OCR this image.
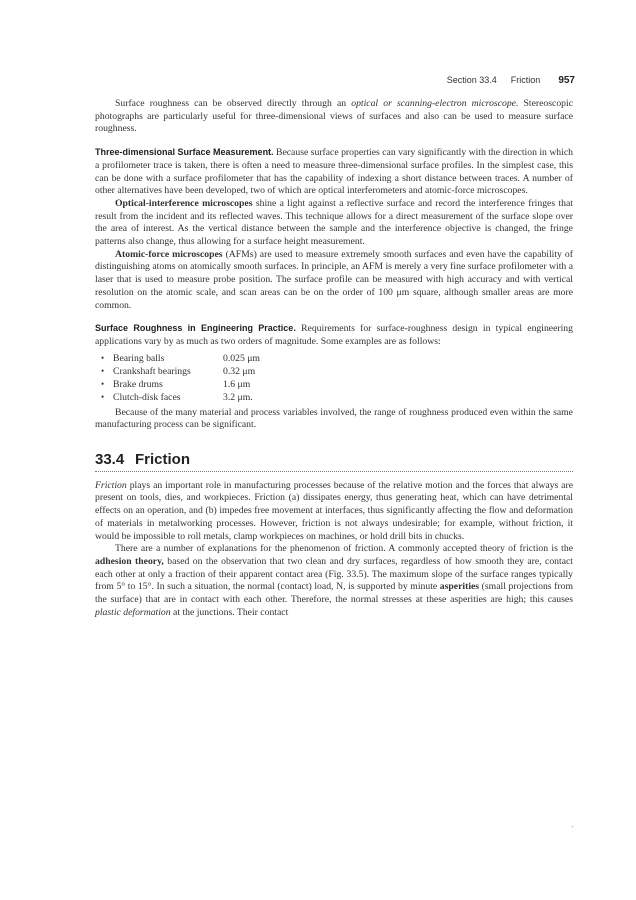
Section 33.4 Friction 957

Surface roughness can be observed directly through an optical or scanning-electron microscope. Stereoscopic photographs are particularly useful for three-dimensional views of surfaces and also can be used to measure surface roughness.

Three-dimensional Surface Measurement. Because surface properties can vary significantly with the direction in which a profilometer trace is taken, there is often a need to measure three-dimensional surface profiles. In the simplest case, this can be done with a surface profilometer that has the capability of indexing a short distance between traces. A number of other alternatives have been developed, two of which are optical interferometers and atomic-force microscopes.

Optical-interference microscopes shine a light against a reflective surface and record the interference fringes that result from the incident and its reflected waves. This technique allows for a direct measurement of the surface slope over the area of interest. As the vertical distance between the sample and the interference objective is changed, the fringe patterns also change, thus allowing for a surface height measurement.

Atomic-force microscopes (AFMs) are used to measure extremely smooth surfaces and even have the capability of distinguishing atoms on atomically smooth surfaces. In principle, an AFM is merely a very fine surface profilometer with a laser that is used to measure probe position. The surface profile can be measured with high accuracy and with vertical resolution on the atomic scale, and scan areas can be on the order of 100 μm square, although smaller areas are more common.

Surface Roughness in Engineering Practice. Requirements for surface-roughness design in typical engineering applications vary by as much as two orders of magnitude. Some examples are as follows:

• Bearing balls	0.025 μm
• Crankshaft bearings	0.32 μm
• Brake drums	1.6 μm
• Clutch-disk faces	3.2 μm.

Because of the many material and process variables involved, the range of roughness produced even within the same manufacturing process can be significant.

33.4 Friction

Friction plays an important role in manufacturing processes because of the relative motion and the forces that always are present on tools, dies, and workpieces. Friction (a) dissipates energy, thus generating heat, which can have detrimental effects on an operation, and (b) impedes free movement at interfaces, thus significantly affecting the flow and deformation of materials in metalworking processes. However, friction is not always undesirable; for example, without friction, it would be impossible to roll metals, clamp workpieces on machines, or hold drill bits in chucks.

There are a number of explanations for the phenomenon of friction. A commonly accepted theory of friction is the adhesion theory, based on the observation that two clean and dry surfaces, regardless of how smooth they are, contact each other at only a fraction of their apparent contact area (Fig. 33.5). The maximum slope of the surface ranges typically from 5° to 15°. In such a situation, the normal (contact) load, N, is supported by minute asperities (small projections from the surface) that are in contact with each other. Therefore, the normal stresses at these asperities are high; this causes plastic deformation at the junctions. Their contact

-
